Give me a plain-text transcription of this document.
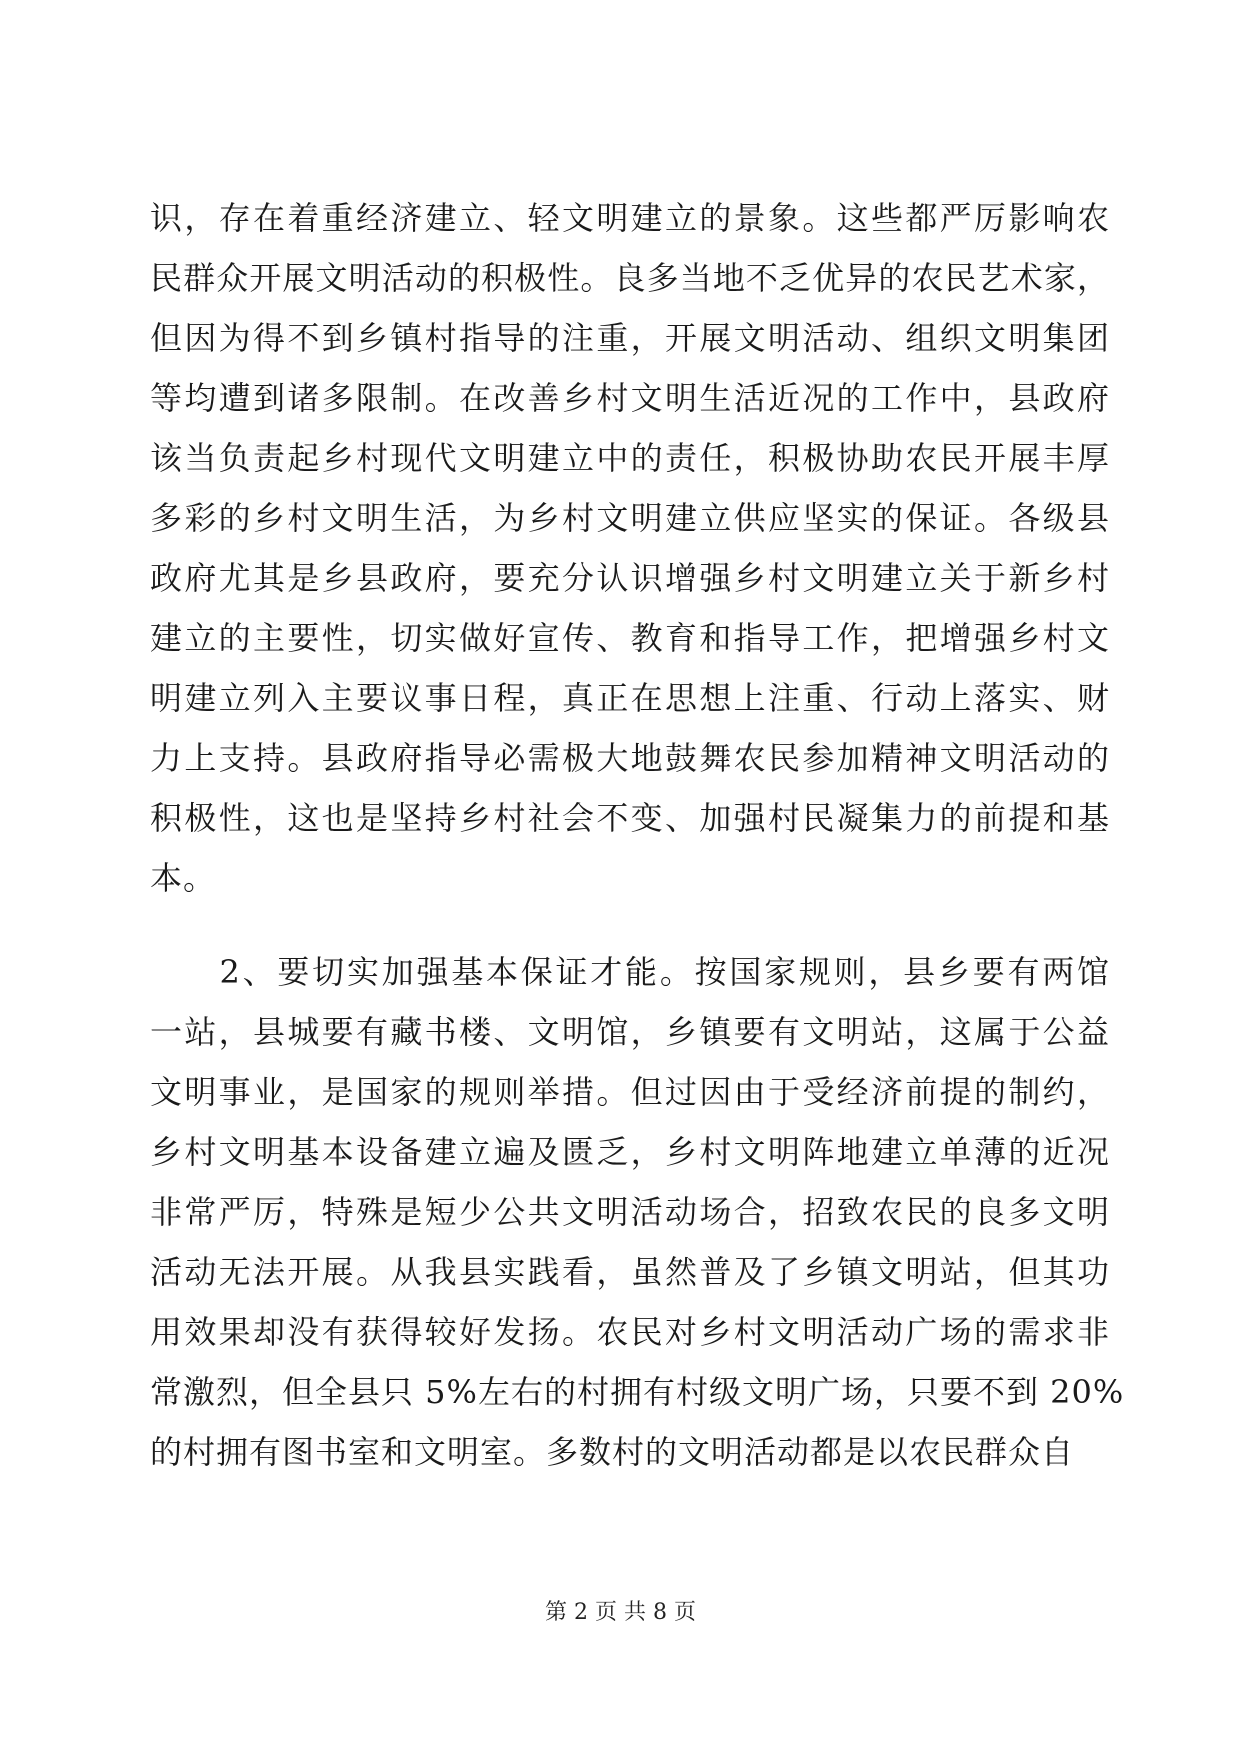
识，存在着重经济建立、轻文明建立的景象。这些都严厉影响农
民群众开展文明活动的积极性。良多当地不乏优异的农民艺术家，
但因为得不到乡镇村指导的注重，开展文明活动、组织文明集团
等均遭到诸多限制。在改善乡村文明生活近况的工作中，县政府
该当负责起乡村现代文明建立中的责任，积极协助农民开展丰厚
多彩的乡村文明生活，为乡村文明建立供应坚实的保证。各级县
政府尤其是乡县政府，要充分认识增强乡村文明建立关于新乡村
建立的主要性，切实做好宣传、教育和指导工作，把增强乡村文
明建立列入主要议事日程，真正在思想上注重、行动上落实、财
力上支持。县政府指导必需极大地鼓舞农民参加精神文明活动的
积极性，这也是坚持乡村社会不变、加强村民凝集力的前提和基
本。
　　2、要切实加强基本保证才能。按国家规则，县乡要有两馆
一站，县城要有藏书楼、文明馆，乡镇要有文明站，这属于公益
文明事业，是国家的规则举措。但过因由于受经济前提的制约，
乡村文明基本设备建立遍及匮乏，乡村文明阵地建立单薄的近况
非常严厉，特殊是短少公共文明活动场合，招致农民的良多文明
活动无法开展。从我县实践看，虽然普及了乡镇文明站，但其功
用效果却没有获得较好发扬。农民对乡村文明活动广场的需求非
常激烈，但全县只 5%左右的村拥有村级文明广场，只要不到 20%
的村拥有图书室和文明室。多数村的文明活动都是以农民群众自
第 2 页 共 8 页
